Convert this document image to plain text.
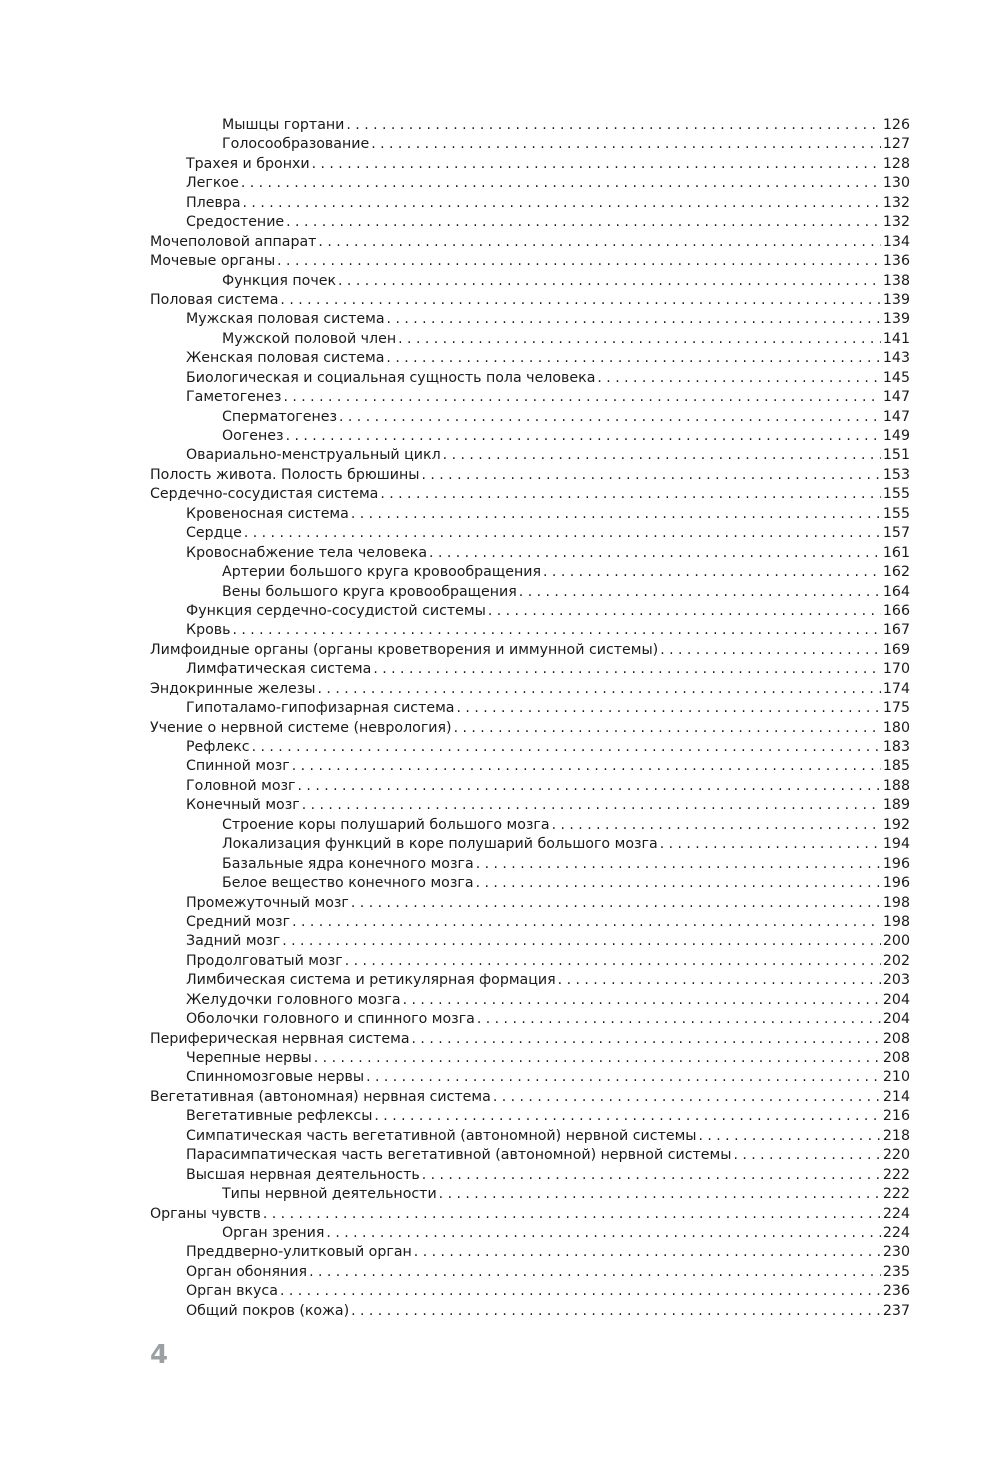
Мышцы гортани . . .	126
Голосообразование . . .	127
Трахея и бронхи . . .	128
Легкое . . .	130
Плевра . . .	132
Средостение . . .	132
Мочеполовой аппарат . . .	134
Мочевые органы . . .	136
Функция почек . . .	138
Половая система . . .	139
Мужская половая система . . .	139
Мужской половой член . . .	141
Женская половая система . . .	143
Биологическая и социальная сущность пола человека . . .	145
Гаметогенез . . .	147
Сперматогенез . . .	147
Оогенез . . .	149
Овариально-менструальный цикл . . .	151
Полость живота. Полость брюшины . . .	153
Сердечно-сосудистая система . . .	155
Кровеносная система . . .	155
Сердце . . .	157
Кровоснабжение тела человека . . .	161
Артерии большого круга кровообращения . . .	162
Вены большого круга кровообращения . . .	164
Функция сердечно-сосудистой системы . . .	166
Кровь . . .	167
Лимфоидные органы (органы кроветворения и иммунной системы) . . .	169
Лимфатическая система . . .	170
Эндокринные железы . . .	174
Гипоталамо-гипофизарная система . . .	175
Учение о нервной системе (неврология) . . .	180
Рефлекс . . .	183
Спинной мозг . . .	185
Головной мозг . . .	188
Конечный мозг . . .	189
Строение коры полушарий большого мозга . . .	192
Локализация функций в коре полушарий большого мозга . . .	194
Базальные ядра конечного мозга . . .	196
Белое вещество конечного мозга . . .	196
Промежуточный мозг . . .	198
Средний мозг . . .	198
Задний мозг . . .	200
Продолговатый мозг . . .	202
Лимбическая система и ретикулярная формация . . .	203
Желудочки головного мозга . . .	204
Оболочки головного и спинного мозга . . .	204
Периферическая нервная система . . .	208
Черепные нервы . . .	208
Спинномозговые нервы . . .	210
Вегетативная (автономная) нервная система . . .	214
Вегетативные рефлексы . . .	216
Симпатическая часть вегетативной (автономной) нервной системы . . .	218
Парасимпатическая часть вегетативной (автономной) нервной системы . . .	220
Высшая нервная деятельность . . .	222
Типы нервной деятельности . . .	222
Органы чувств . . .	224
Орган зрения . . .	224
Преддверно-улитковый орган . . .	230
Орган обоняния . . .	235
Орган вкуса . . .	236
Общий покров (кожа) . . .	237
4
